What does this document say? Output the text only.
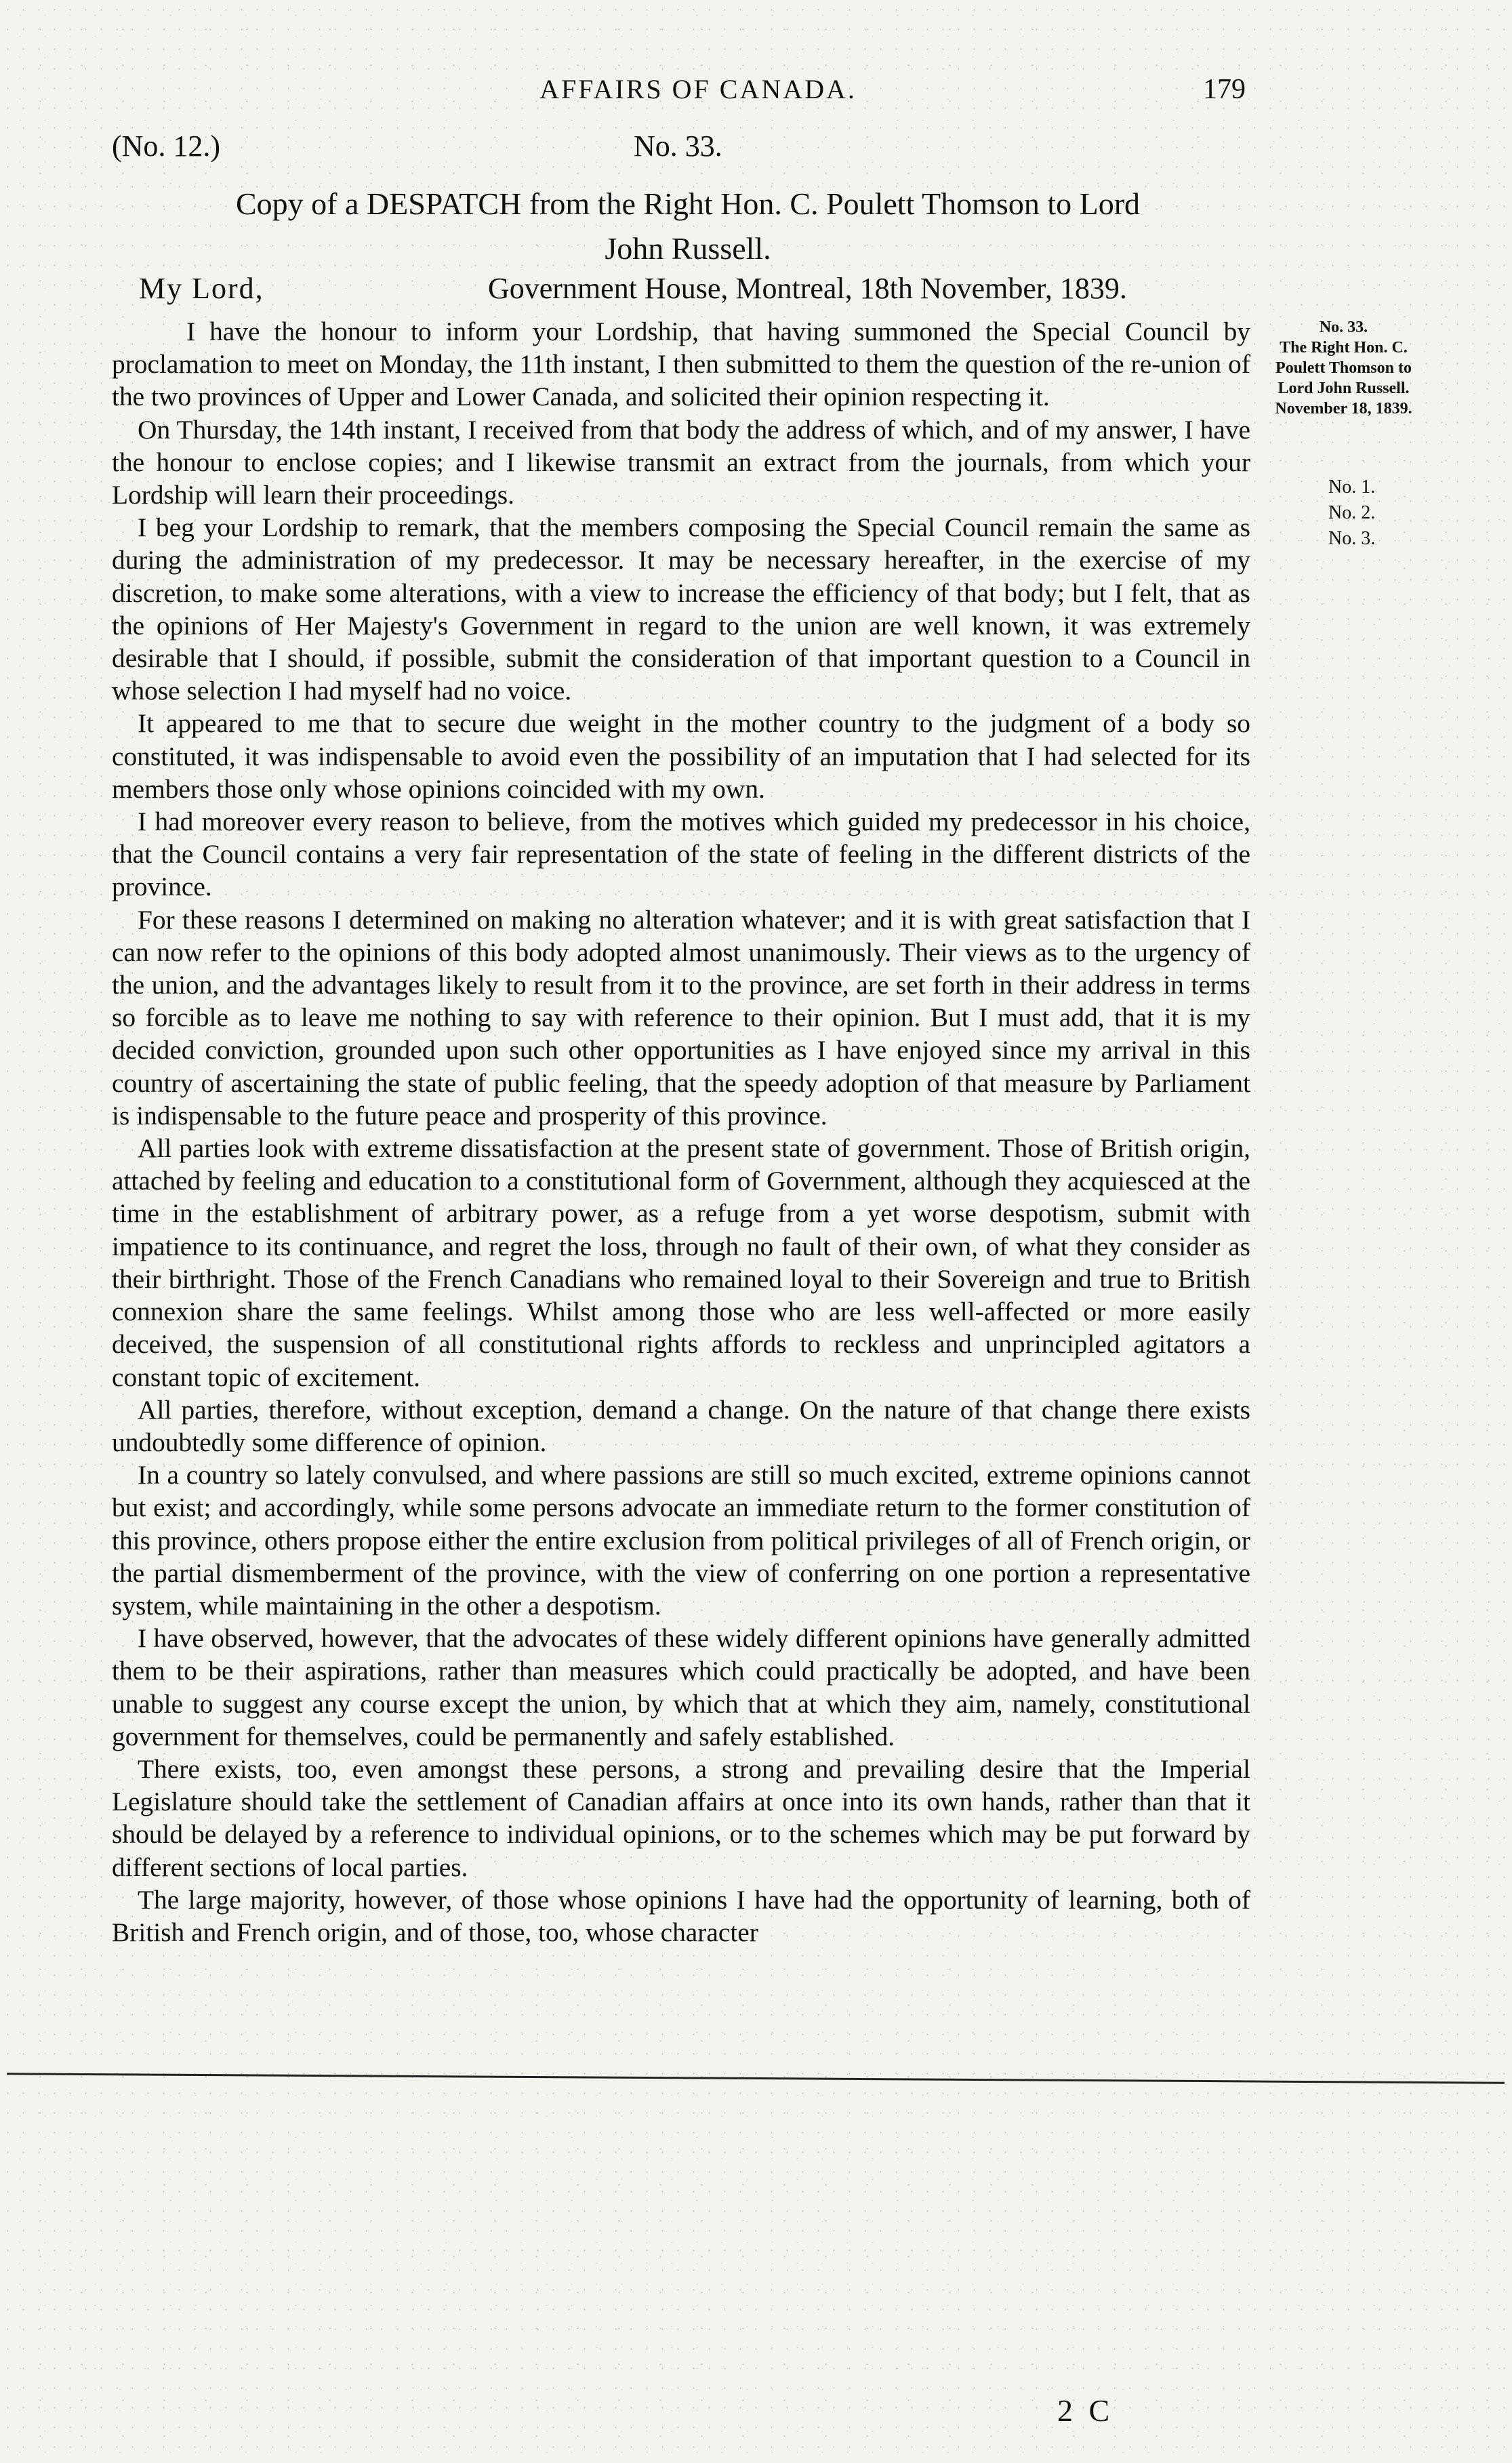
AFFAIRS OF CANADA.	179
(No. 12.)	No. 33.
Copy of a DESPATCH from the Right Hon. C. Poulett Thomson to Lord
John Russell.
My Lord,	Government House, Montreal, 18th November, 1839.
No. 33.
The Right Hon. C.
Poulett Thomson to
Lord John Russell.
November 18, 1839.
No. 1.
No. 2.
No. 3.

I have the honour to inform your Lordship, that having summoned the Special Council by proclamation to meet on Monday, the 11th instant, I then submitted to them the question of the re-union of the two provinces of Upper and Lower Canada, and solicited their opinion respecting it.

On Thursday, the 14th instant, I received from that body the address of which, and of my answer, I have the honour to enclose copies; and I likewise transmit an extract from the journals, from which your Lordship will learn their proceedings.

I beg your Lordship to remark, that the members composing the Special Council remain the same as during the administration of my predecessor. It may be necessary hereafter, in the exercise of my discretion, to make some alterations, with a view to increase the efficiency of that body; but I felt, that as the opinions of Her Majesty's Government in regard to the union are well known, it was extremely desirable that I should, if possible, submit the consideration of that important question to a Council in whose selection I had myself had no voice.

It appeared to me that to secure due weight in the mother country to the judgment of a body so constituted, it was indispensable to avoid even the possibility of an imputation that I had selected for its members those only whose opinions coincided with my own.

I had moreover every reason to believe, from the motives which guided my predecessor in his choice, that the Council contains a very fair representation of the state of feeling in the different districts of the province.

For these reasons I determined on making no alteration whatever; and it is with great satisfaction that I can now refer to the opinions of this body adopted almost unanimously. Their views as to the urgency of the union, and the advantages likely to result from it to the province, are set forth in their address in terms so forcible as to leave me nothing to say with reference to their opinion. But I must add, that it is my decided conviction, grounded upon such other opportunities as I have enjoyed since my arrival in this country of ascertaining the state of public feeling, that the speedy adoption of that measure by Parliament is indispensable to the future peace and prosperity of this province.

All parties look with extreme dissatisfaction at the present state of government. Those of British origin, attached by feeling and education to a constitutional form of Government, although they acquiesced at the time in the establishment of arbitrary power, as a refuge from a yet worse despotism, submit with impatience to its continuance, and regret the loss, through no fault of their own, of what they consider as their birthright. Those of the French Canadians who remained loyal to their Sovereign and true to British connexion share the same feelings. Whilst among those who are less well-affected or more easily deceived, the suspension of all constitutional rights affords to reckless and unprincipled agitators a constant topic of excitement.

All parties, therefore, without exception, demand a change. On the nature of that change there exists undoubtedly some difference of opinion.

In a country so lately convulsed, and where passions are still so much excited, extreme opinions cannot but exist; and accordingly, while some persons advocate an immediate return to the former constitution of this province, others propose either the entire exclusion from political privileges of all of French origin, or the partial dismemberment of the province, with the view of conferring on one portion a representative system, while maintaining in the other a despotism.

I have observed, however, that the advocates of these widely different opinions have generally admitted them to be their aspirations, rather than measures which could practically be adopted, and have been unable to suggest any course except the union, by which that at which they aim, namely, constitutional government for themselves, could be permanently and safely established.

There exists, too, even amongst these persons, a strong and prevailing desire that the Imperial Legislature should take the settlement of Canadian affairs at once into its own hands, rather than that it should be delayed by a reference to individual opinions, or to the schemes which may be put forward by different sections of local parties.

The large majority, however, of those whose opinions I have had the opportunity of learning, both of British and French origin, and of those, too, whose character

2 C
